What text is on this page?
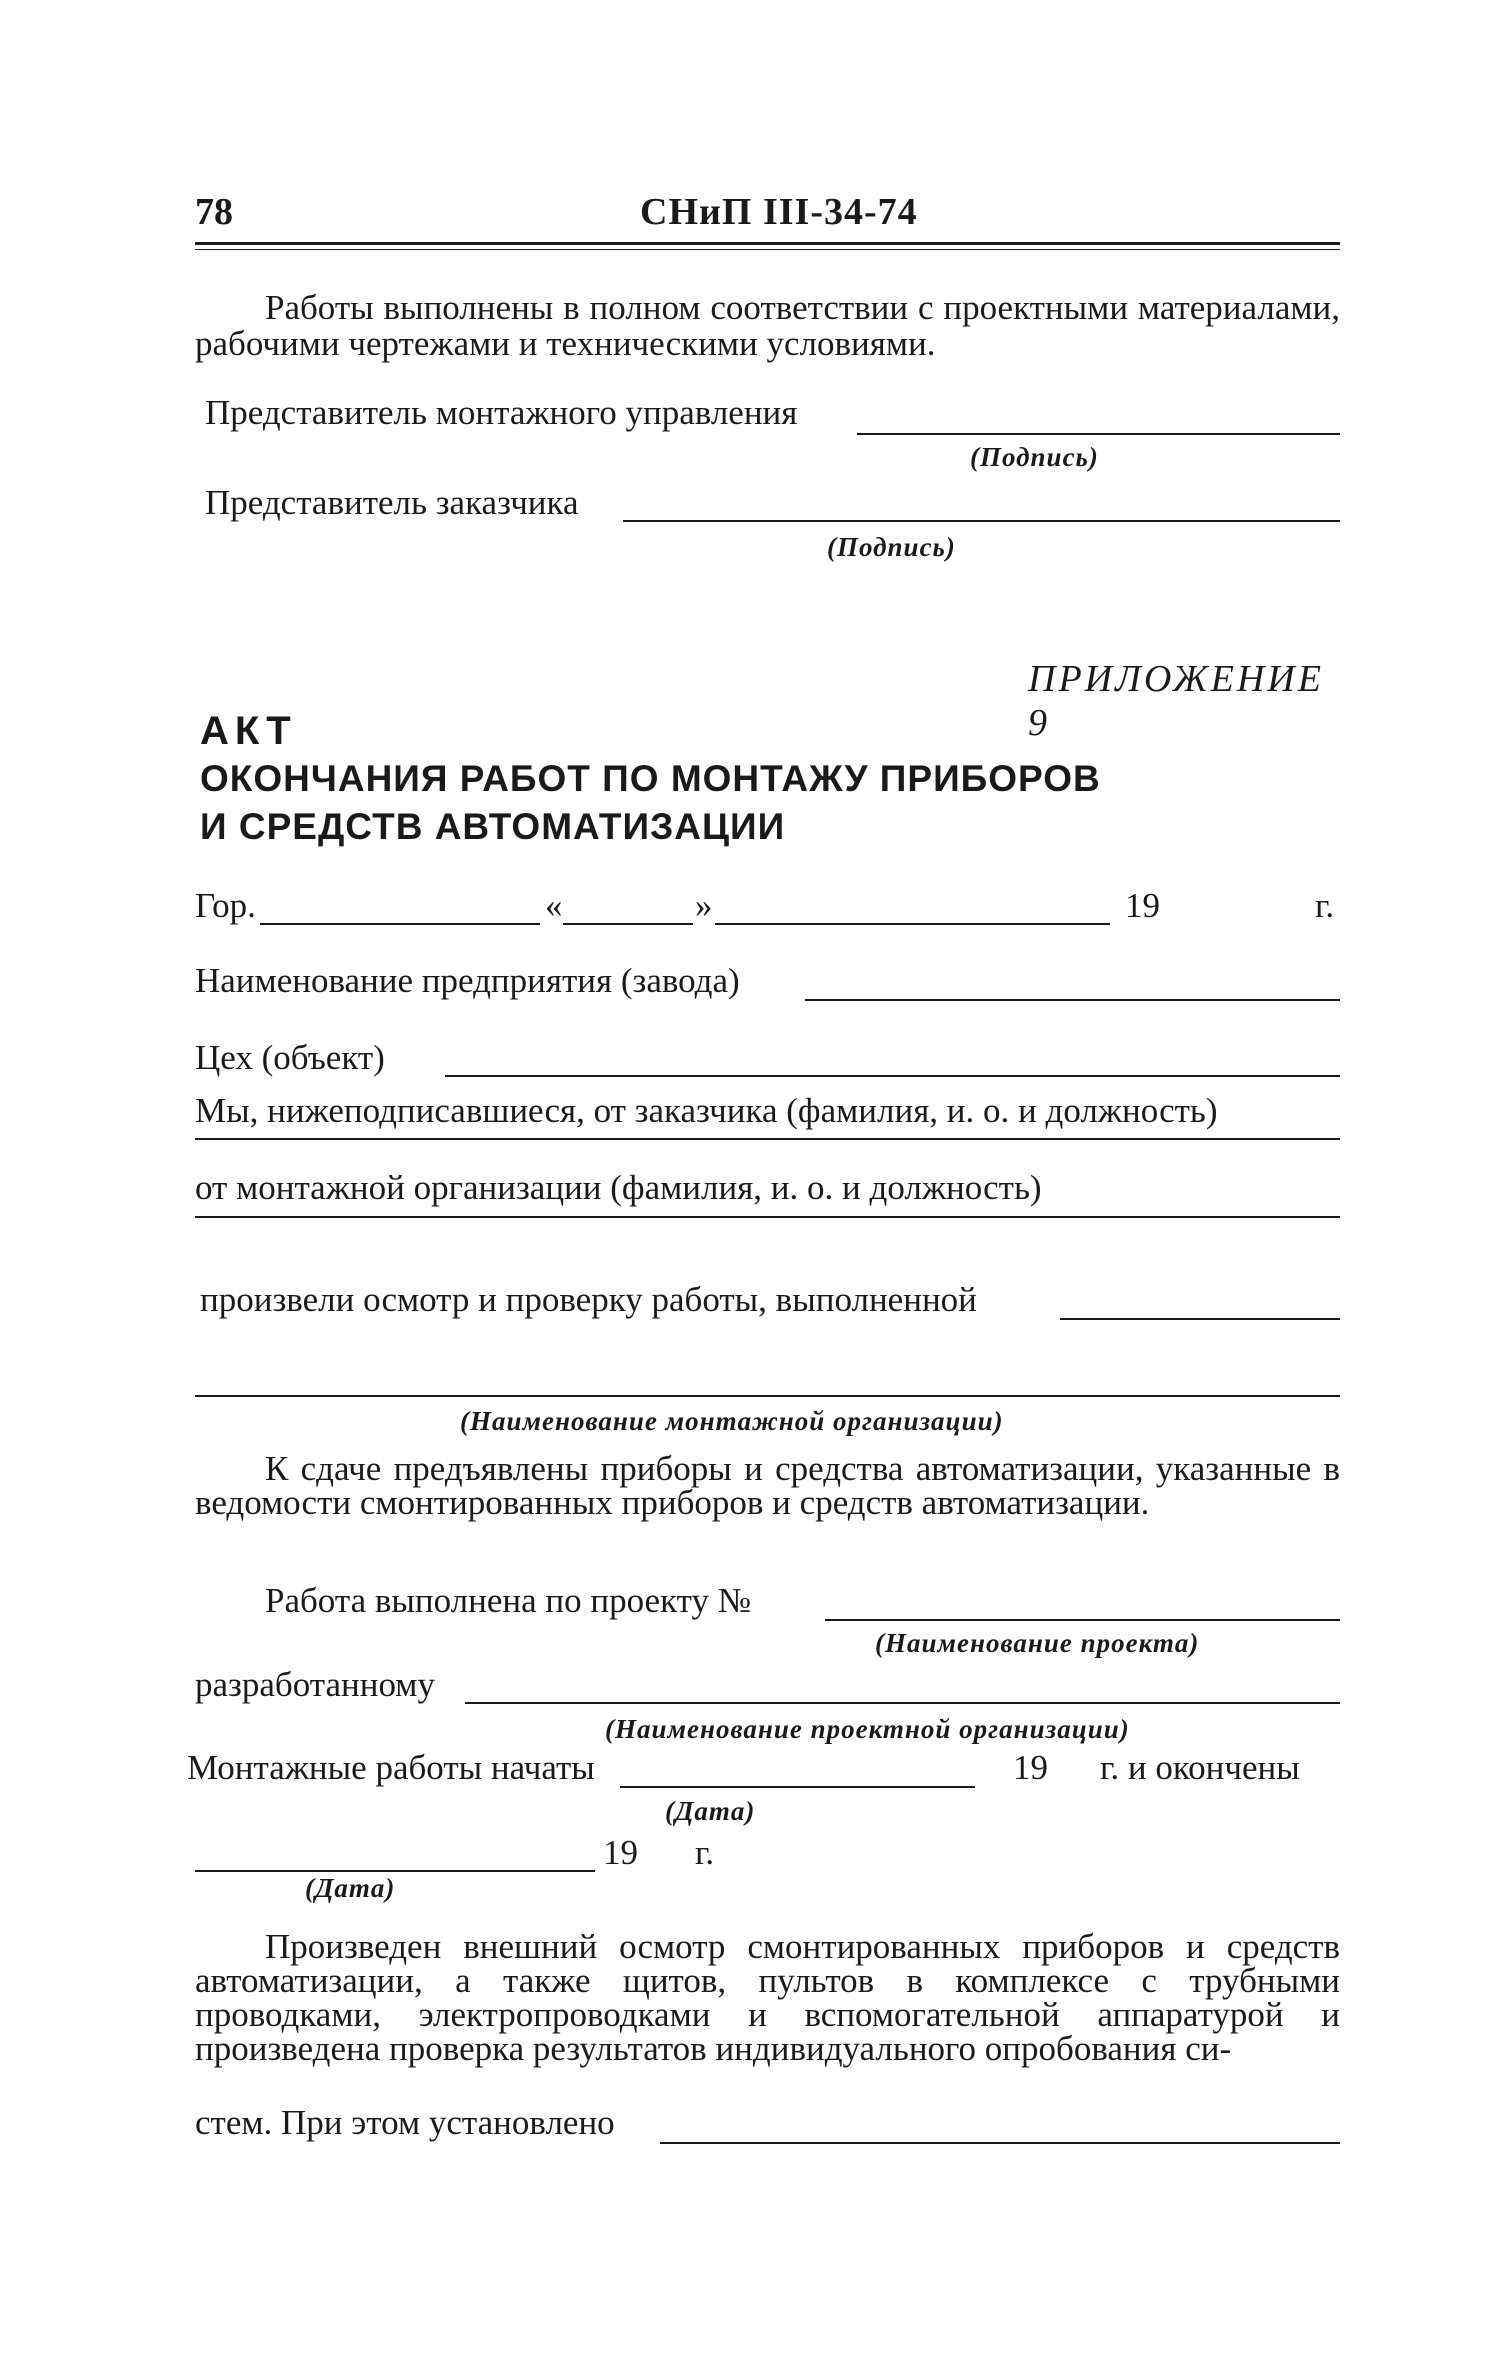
78	СНиП III-34-74
Работы выполнены в полном соответствии с проектными материалами, рабочими чертежами и техническими условиями.
Представитель монтажного управления
(Подпись)
Представитель заказчика
(Подпись)
ПРИЛОЖЕНИЕ 9
АКТ
ОКОНЧАНИЯ РАБОТ ПО МОНТАЖУ ПРИБОРОВ
И СРЕДСТВ АВТОМАТИЗАЦИИ
Гор.	«	»	19	г.
Наименование предприятия (завода)
Цех (объект)
Мы, нижеподписавшиеся, от заказчика (фамилия, и. о. и должность)
от монтажной организации (фамилия, и. о. и должность)
произвели осмотр и проверку работы, выполненной
(Наименование монтажной организации)
К сдаче предъявлены приборы и средства автоматизации, указанные в ведомости смонтированных приборов и средств автоматизации.
Работа выполнена по проекту №
(Наименование проекта)
разработанному
(Наименование проектной организации)
Монтажные работы начаты	19 г. и окончены
(Дата)
19 г.
(Дата)
Произведен внешний осмотр смонтированных приборов и средств автоматизации, а также щитов, пультов в комплексе с трубными проводками, электропроводками и вспомогательной аппаратурой и произведена проверка результатов индивидуального опробования си-
стем. При этом установлено
